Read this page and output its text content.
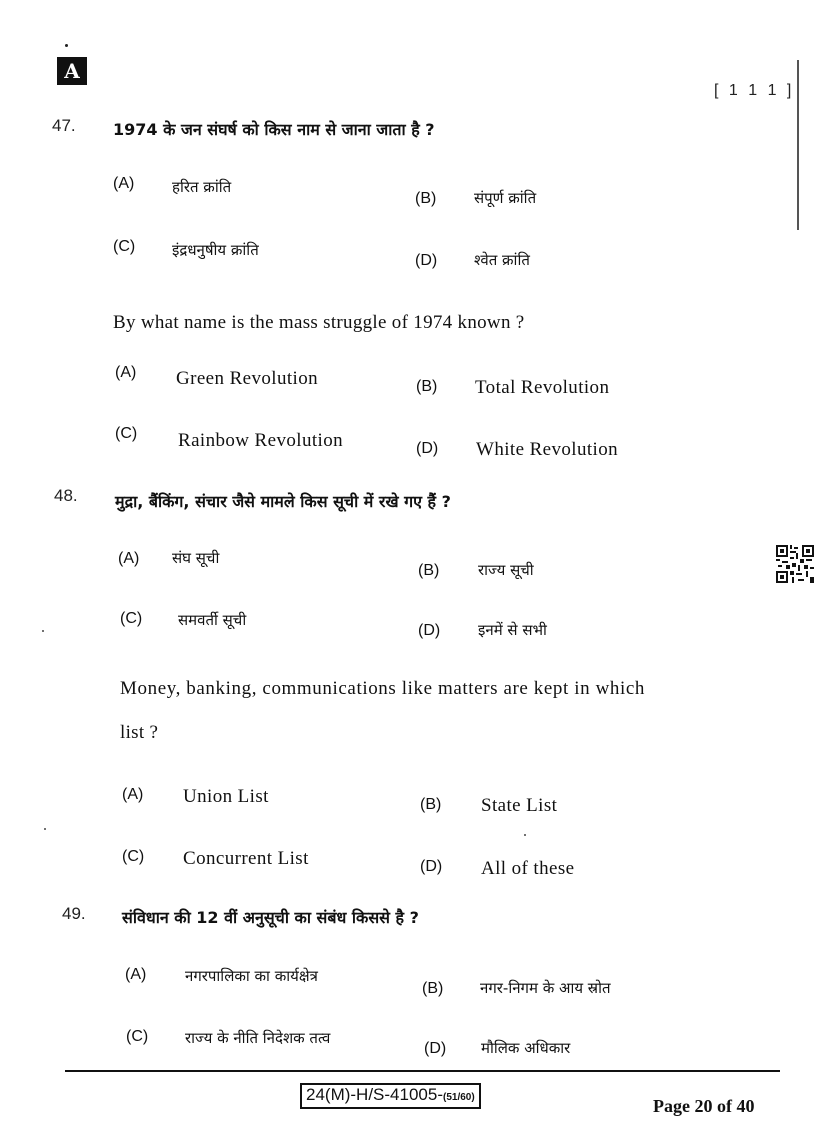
A
[ 1 1 1 ]
47. 1974 के जन संघर्ष को किस नाम से जाना जाता है ?
(A)	हरित क्रांति
(B)	संपूर्ण क्रांति
(C) इंद्रधनुषीय क्रांति
(D) श्वेत क्रांति
By what name is the mass struggle of 1974 known ?
(A) Green Revolution	(B) Total Revolution
(C) Rainbow Revolution	(D) White Revolution
48. मुद्रा, बैंकिंग, संचार जैसे मामले किस सूची में रखे गए हैं ?
(A) संघ सूची
(B)	राज्य सूची
(C) समवर्ती सूची
(D)	इनमें से सभी
Money, banking, communications like matters are kept in which
list ?
(A) Union List	(B) State List
(C) Concurrent List	(D) All of these
49. संविधान की 12 वीं अनुसूची का संबंध किससे है ?
(A)	नगरपालिका का कार्यक्षेत्र
(B) नगर-निगम के आय स्रोत
(C) राज्य के नीति निदेशक तत्व
(D) मौलिक अधिकार
24(M)-H/S-41005-(51/60)	Page 20 of 40
